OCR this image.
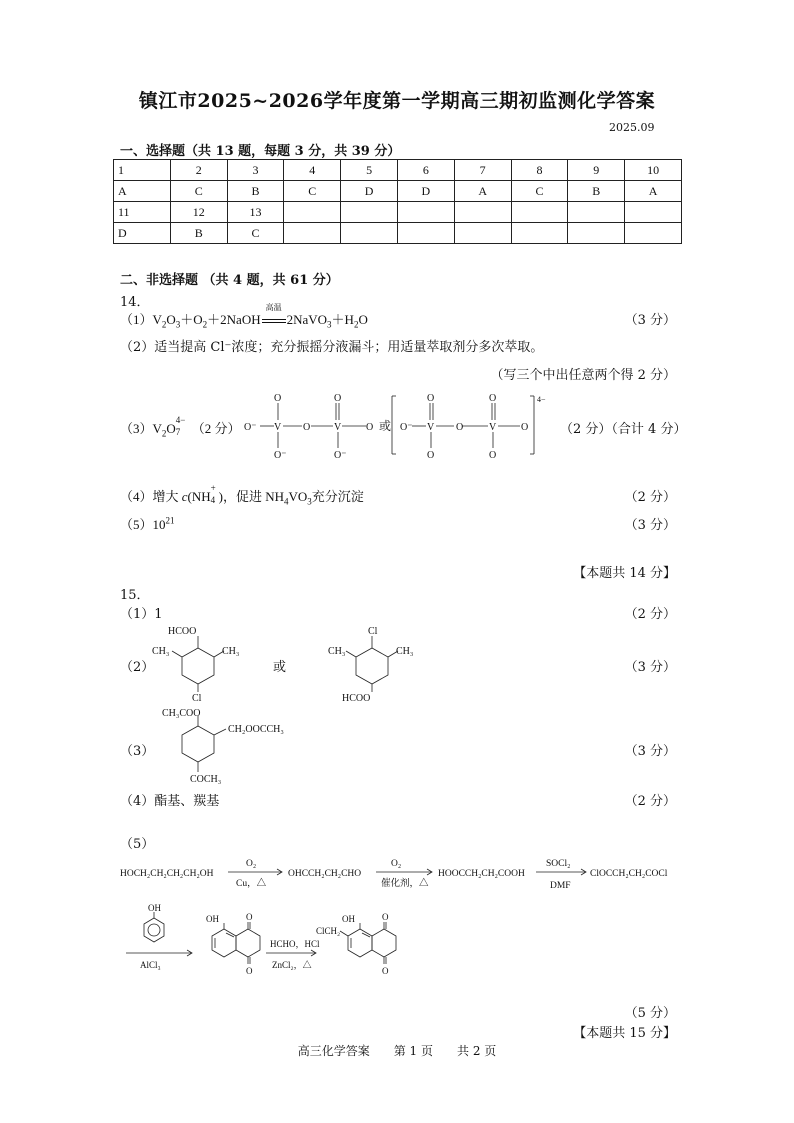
镇江市2025~2026学年度第一学期高三期初监测化学答案
2025.09
一、选择题（共 13 题，每题 3 分，共 39 分）
1	2	3	4	5	6	7	8	9	10
A	C	B	C	D	D	A	C	B	A
11	12	13							
D	B	C							
二、非选择题 （共 4 题，共 61 分）
14．
$(1)V_2O_3+O_2+2NaOH$
高温
$2NaVO_3+H_2O$	（3 分）
（2）适当提高 Cl⁻浓度；充分振摇分液漏斗；用适量萃取剂分多次萃取。
（写三个中出任意两个得 2 分）
$(3)V_2O$
4−
7 （2 分） O⁻ V
O
O⁻
O V
O
O⁻
O 或 O⁻ V
O
O
O	V
O
O
O
4−
（2 分）（合计 4 分）
（4）增大 c(NH
+
4 )，促进 $NH_4VO_3$充分沉淀	（2 分）
$(5)10^{21}$	（3 分）
【本题共 14 分】
15．
（1）1	（2 分）
（2）	或	（3 分）
HCOO
CH₃	CH₃
Cl
Cl
CH₃	CH₃
HCOO
（3）	（3 分）
CH₃COO
CH₂OOCCH₃
COCH₃
（4）酯基、羰基	（2 分）
（5）
HOCH₂CH₂CH₂CH₂OH
O₂
Cu，△
OHCCH₂CH₂CHO
O₂
催化剂，△
HOOCCH₂CH₂COOH
SOCl₂
DMF
ClOCCH₂CH₂COCl
OH
AlCl₃
OH	O
O
HCHO，HCl
ZnCl₂，△
OH	O
O
ClCH₂
（5 分）
【本题共 15 分】
高三化学答案　　第 1 页　　共 2 页
